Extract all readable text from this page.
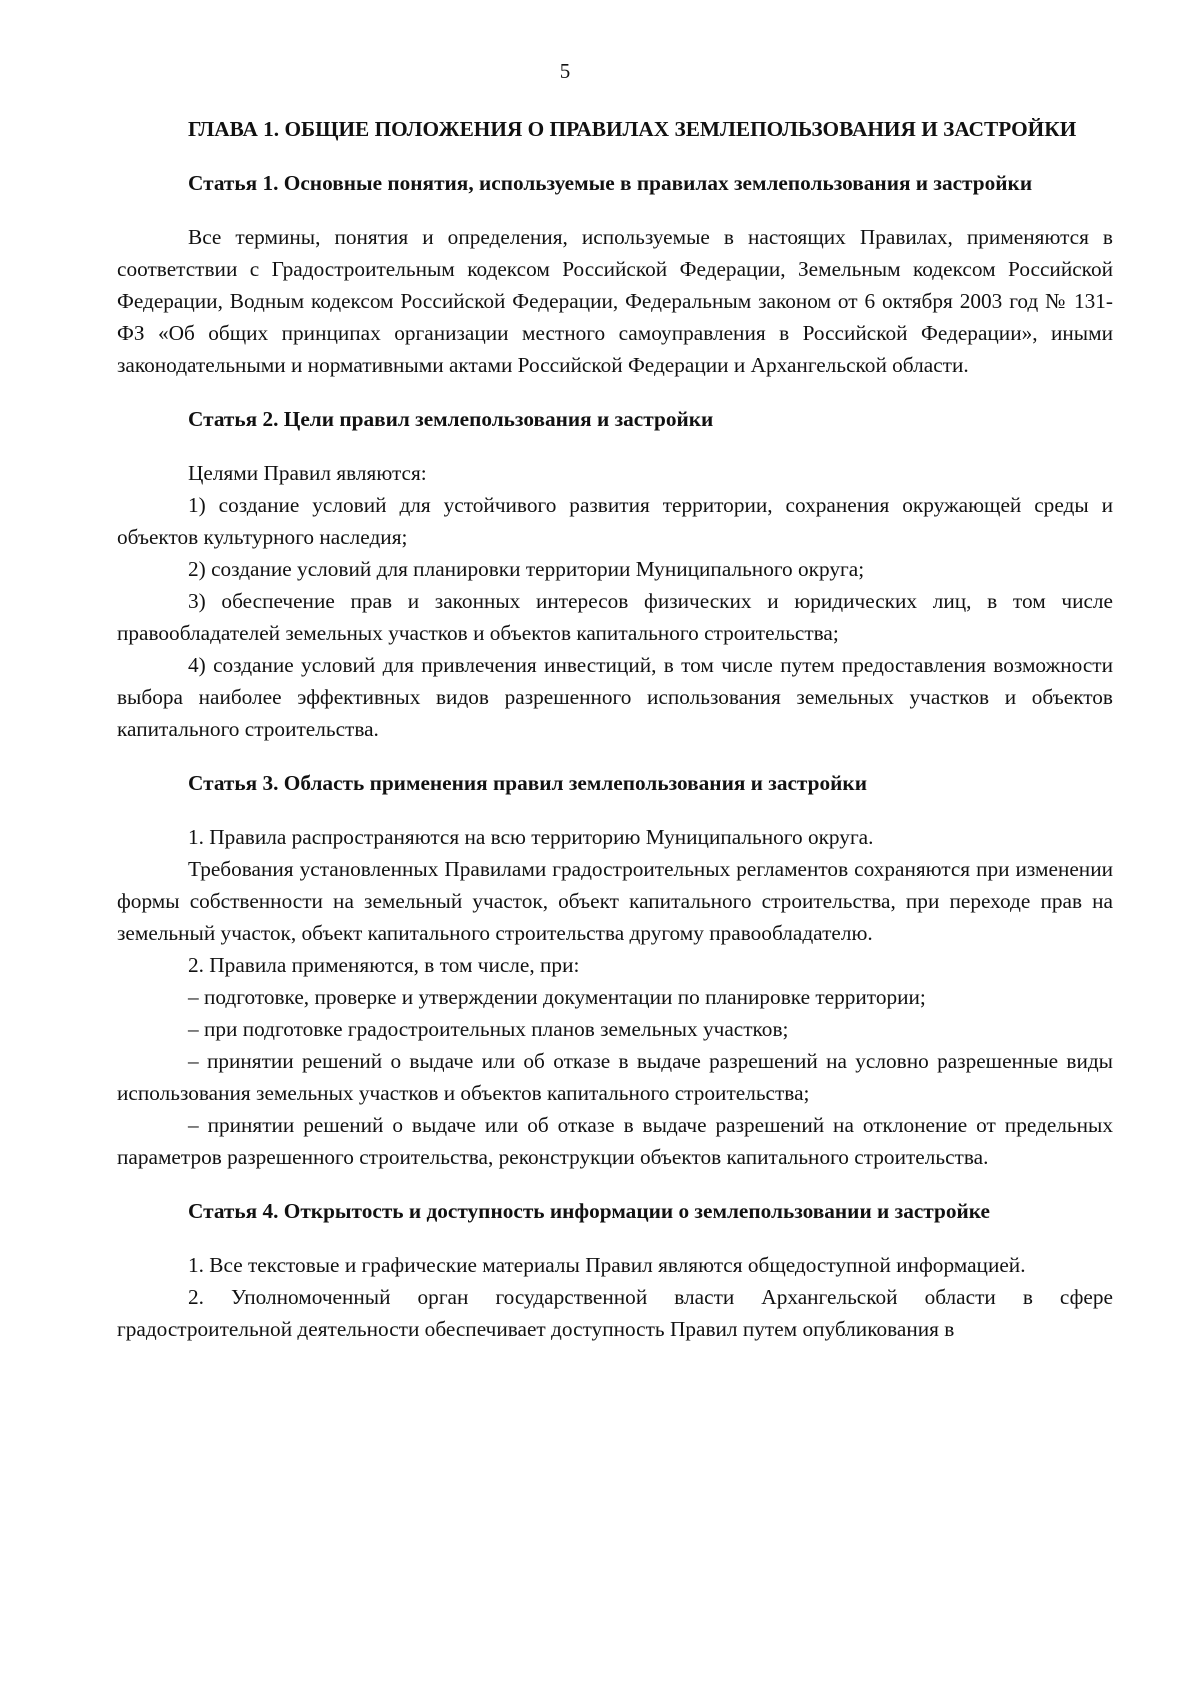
5

ГЛАВА 1. ОБЩИЕ ПОЛОЖЕНИЯ О ПРАВИЛАХ ЗЕМЛЕПОЛЬЗОВАНИЯ И ЗАСТРОЙКИ

Статья 1. Основные понятия, используемые в правилах землепользования и застройки

Все термины, понятия и определения, используемые в настоящих Правилах, применяются в соответствии с Градостроительным кодексом Российской Федерации, Земельным кодексом Российской Федерации, Водным кодексом Российской Федерации, Федеральным законом от 6 октября 2003 год № 131-ФЗ «Об общих принципах организации местного самоуправления в Российской Федерации», иными законодательными и нормативными актами Российской Федерации и Архангельской области.

Статья 2. Цели правил землепользования и застройки

Целями Правил являются:

1) создание условий для устойчивого развития территории, сохранения окружающей среды и объектов культурного наследия;

2) создание условий для планировки территории Муниципального округа;

3) обеспечение прав и законных интересов физических и юридических лиц, в том числе правообладателей земельных участков и объектов капитального строительства;

4) создание условий для привлечения инвестиций, в том числе путем предоставления возможности выбора наиболее эффективных видов разрешенного использования земельных участков и объектов капитального строительства.

Статья 3. Область применения правил землепользования и застройки

1. Правила распространяются на всю территорию Муниципального округа.

Требования установленных Правилами градостроительных регламентов сохраняются при изменении формы собственности на земельный участок, объект капитального строительства, при переходе прав на земельный участок, объект капитального строительства другому правообладателю.

2. Правила применяются, в том числе, при:

– подготовке, проверке и утверждении документации по планировке территории;

– при подготовке градостроительных планов земельных участков;

– принятии решений о выдаче или об отказе в выдаче разрешений на условно разрешенные виды использования земельных участков и объектов капитального строительства;

– принятии решений о выдаче или об отказе в выдаче разрешений на отклонение от предельных параметров разрешенного строительства, реконструкции объектов капитального строительства.

Статья 4. Открытость и доступность информации о землепользовании и застройке

1. Все текстовые и графические материалы Правил являются общедоступной информацией.

2. Уполномоченный орган государственной власти Архангельской области в сфере градостроительной деятельности обеспечивает доступность Правил путем опубликования в
